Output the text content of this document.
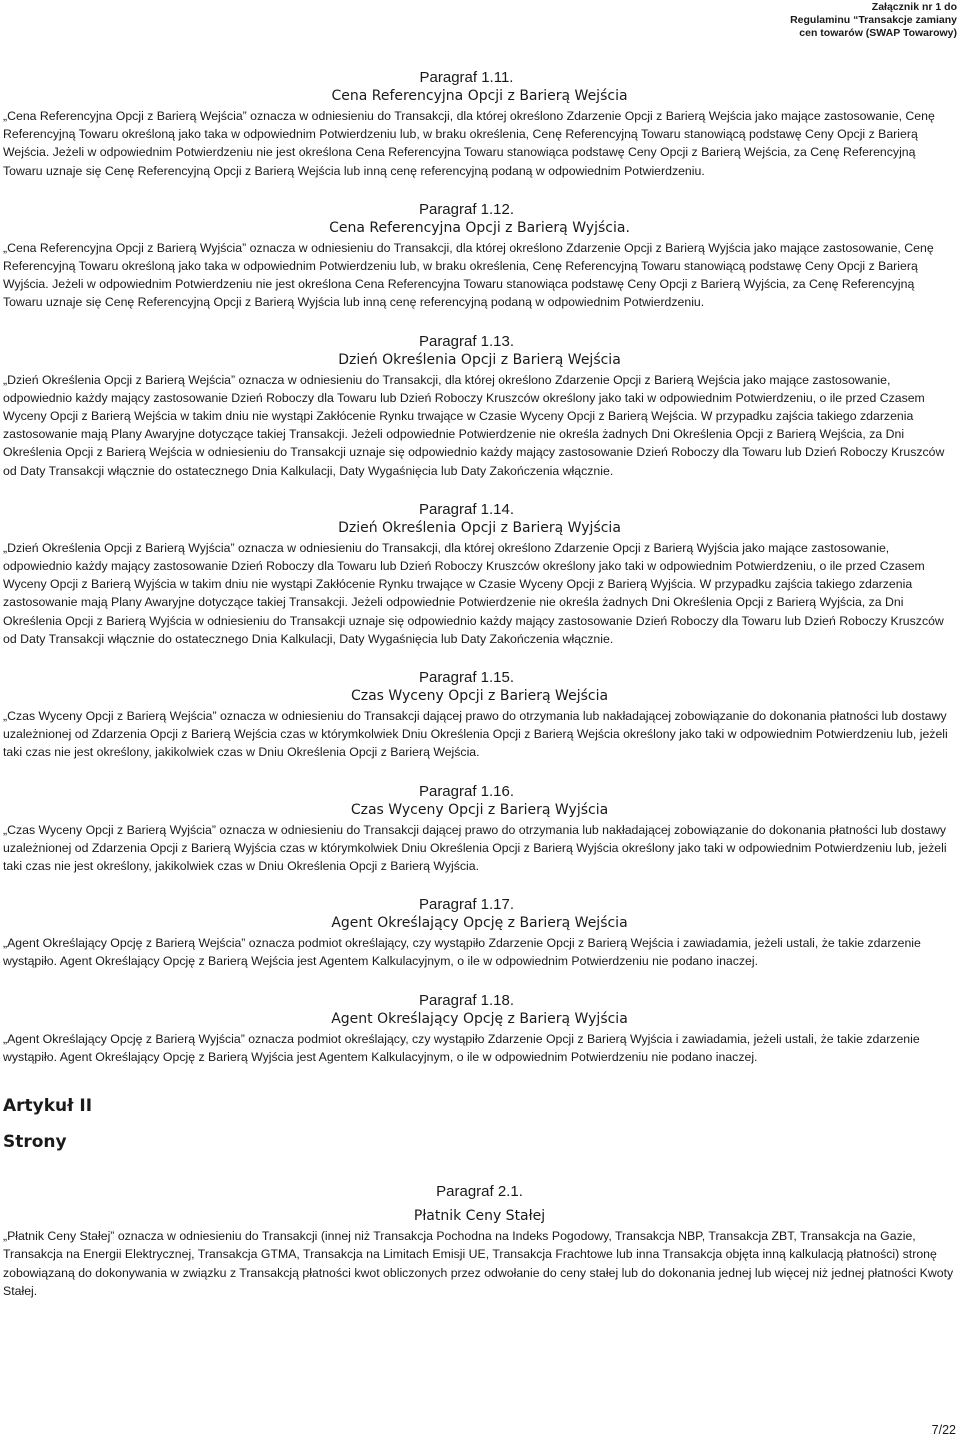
Załącznik nr 1 do
Regulaminu “Transakcje zamiany
cen towarów (SWAP Towarowy)

Paragraf 1.11.

Cena Referencyjna Opcji z Barierą Wejścia

„Cena Referencyjna Opcji z Barierą Wejścia” oznacza w odniesieniu do Transakcji, dla której określono Zdarzenie Opcji z Barierą Wejścia jako mające zastosowanie, Cenę Referencyjną Towaru określoną jako taka w odpowiednim Potwierdzeniu lub, w braku określenia, Cenę Referencyjną Towaru stanowiącą podstawę Ceny Opcji z Barierą Wejścia. Jeżeli w odpowiednim Potwierdzeniu nie jest określona Cena Referencyjna Towaru stanowiąca podstawę Ceny Opcji z Barierą Wejścia, za Cenę Referencyjną Towaru uznaje się Cenę Referencyjną Opcji z Barierą Wejścia lub inną cenę referencyjną podaną w odpowiednim Potwierdzeniu.

Paragraf 1.12.

Cena Referencyjna Opcji z Barierą Wyjścia.

„Cena Referencyjna Opcji z Barierą Wyjścia” oznacza w odniesieniu do Transakcji, dla której określono Zdarzenie Opcji z Barierą Wyjścia jako mające zastosowanie, Cenę Referencyjną Towaru określoną jako taka w odpowiednim Potwierdzeniu lub, w braku określenia, Cenę Referencyjną Towaru stanowiącą podstawę Ceny Opcji z Barierą Wyjścia. Jeżeli w odpowiednim Potwierdzeniu nie jest określona Cena Referencyjna Towaru stanowiąca podstawę Ceny Opcji z Barierą Wyjścia, za Cenę Referencyjną Towaru uznaje się Cenę Referencyjną Opcji z Barierą Wyjścia lub inną cenę referencyjną podaną w odpowiednim Potwierdzeniu.

Paragraf 1.13.

Dzień Określenia Opcji z Barierą Wejścia

„Dzień Określenia Opcji z Barierą Wejścia” oznacza w odniesieniu do Transakcji, dla której określono Zdarzenie Opcji z Barierą Wejścia jako mające zastosowanie, odpowiednio każdy mający zastosowanie Dzień Roboczy dla Towaru lub Dzień Roboczy Kruszców określony jako taki w odpowiednim Potwierdzeniu, o ile przed Czasem Wyceny Opcji z Barierą Wejścia w takim dniu nie wystąpi Zakłócenie Rynku trwające w Czasie Wyceny Opcji z Barierą Wejścia. W przypadku zajścia takiego zdarzenia zastosowanie mają Plany Awaryjne dotyczące takiej Transakcji. Jeżeli odpowiednie Potwierdzenie nie określa żadnych Dni Określenia Opcji z Barierą Wejścia, za Dni Określenia Opcji z Barierą Wejścia w odniesieniu do Transakcji uznaje się odpowiednio każdy mający zastosowanie Dzień Roboczy dla Towaru lub Dzień Roboczy Kruszców od Daty Transakcji włącznie do ostatecznego Dnia Kalkulacji, Daty Wygaśnięcia lub Daty Zakończenia włącznie.

Paragraf 1.14.

Dzień Określenia Opcji z Barierą Wyjścia

„Dzień Określenia Opcji z Barierą Wyjścia” oznacza w odniesieniu do Transakcji, dla której określono Zdarzenie Opcji z Barierą Wyjścia jako mające zastosowanie, odpowiednio każdy mający zastosowanie Dzień Roboczy dla Towaru lub Dzień Roboczy Kruszców określony jako taki w odpowiednim Potwierdzeniu, o ile przed Czasem Wyceny Opcji z Barierą Wyjścia w takim dniu nie wystąpi Zakłócenie Rynku trwające w Czasie Wyceny Opcji z Barierą Wyjścia. W przypadku zajścia takiego zdarzenia zastosowanie mają Plany Awaryjne dotyczące takiej Transakcji. Jeżeli odpowiednie Potwierdzenie nie określa żadnych Dni Określenia Opcji z Barierą Wyjścia, za Dni Określenia Opcji z Barierą Wyjścia w odniesieniu do Transakcji uznaje się odpowiednio każdy mający zastosowanie Dzień Roboczy dla Towaru lub Dzień Roboczy Kruszców od Daty Transakcji włącznie do ostatecznego Dnia Kalkulacji, Daty Wygaśnięcia lub Daty Zakończenia włącznie.

Paragraf 1.15.

Czas Wyceny Opcji z Barierą Wejścia

„Czas Wyceny Opcji z Barierą Wejścia” oznacza w odniesieniu do Transakcji dającej prawo do otrzymania lub nakładającej zobowiązanie do dokonania płatności lub dostawy uzależnionej od Zdarzenia Opcji z Barierą Wejścia czas w którymkolwiek Dniu Określenia Opcji z Barierą Wejścia określony jako taki w odpowiednim Potwierdzeniu lub, jeżeli taki czas nie jest określony, jakikolwiek czas w Dniu Określenia Opcji z Barierą Wejścia.

Paragraf 1.16.

Czas Wyceny Opcji z Barierą Wyjścia

„Czas Wyceny Opcji z Barierą Wyjścia” oznacza w odniesieniu do Transakcji dającej prawo do otrzymania lub nakładającej zobowiązanie do dokonania płatności lub dostawy uzależnionej od Zdarzenia Opcji z Barierą Wyjścia czas w którymkolwiek Dniu Określenia Opcji z Barierą Wyjścia określony jako taki w odpowiednim Potwierdzeniu lub, jeżeli taki czas nie jest określony, jakikolwiek czas w Dniu Określenia Opcji z Barierą Wyjścia.

Paragraf 1.17.

Agent Określający Opcję z Barierą Wejścia

„Agent Określający Opcję z Barierą Wejścia” oznacza podmiot określający, czy wystąpiło Zdarzenie Opcji z Barierą Wejścia i zawiadamia, jeżeli ustali, że takie zdarzenie wystąpiło. Agent Określający Opcję z Barierą Wejścia jest Agentem Kalkulacyjnym, o ile w odpowiednim Potwierdzeniu nie podano inaczej.

Paragraf 1.18.

Agent Określający Opcję z Barierą Wyjścia

„Agent Określający Opcję z Barierą Wyjścia” oznacza podmiot określający, czy wystąpiło Zdarzenie Opcji z Barierą Wyjścia i zawiadamia, jeżeli ustali, że takie zdarzenie wystąpiło. Agent Określający Opcję z Barierą Wyjścia jest Agentem Kalkulacyjnym, o ile w odpowiednim Potwierdzeniu nie podano inaczej.

Artykuł II

Strony

Paragraf 2.1.

Płatnik Ceny Stałej

„Płatnik Ceny Stałej” oznacza w odniesieniu do Transakcji (innej niż Transakcja Pochodna na Indeks Pogodowy, Transakcja NBP, Transakcja ZBT, Transakcja na Gazie, Transakcja na Energii Elektrycznej, Transakcja GTMA, Transakcja na Limitach Emisji UE, Transakcja Frachtowe lub inna Transakcja objęta inną kalkulacją płatności) stronę zobowiązaną do dokonywania w związku z Transakcją płatności kwot obliczonych przez odwołanie do ceny stałej lub do dokonania jednej lub więcej niż jednej płatności Kwoty Stałej.

7/22
